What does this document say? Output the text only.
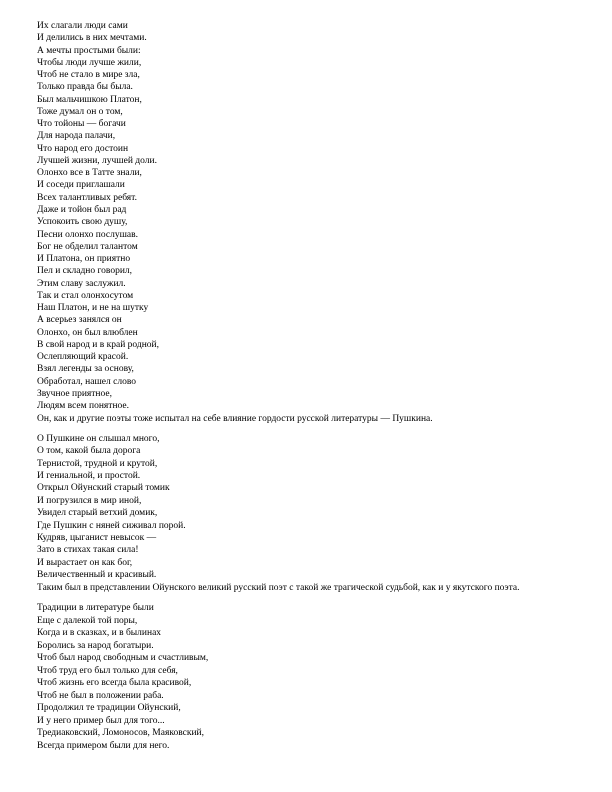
Их слагали люди сами
И делились в них мечтами.
А мечты простыми были:
Чтобы люди лучше жили,
Чтоб не стало в мире зла,
Только правда бы была.
Был мальчишкою Платон,
Тоже думал он о том,
Что тойоны — богачи
Для народа палачи,
Что народ его достоин
Лучшей жизни, лучшей доли.
Олонхо все в Татте знали,
И соседи приглашали
Всех талантливых ребят.
Даже и тойон был рад
Успокоить свою душу,
Песни олонхо послушав.
Бог не обделил талантом
И Платона, он приятно
Пел и складно говорил,
Этим славу заслужил.
Так и стал олонхосутом
Наш Платон, и не на шутку
А всерьез занялся он
Олонхо, он был влюблен
В свой народ и в край родной,
Ослепляющий красой.
Взял легенды за основу,
Обработал, нашел слово
Звучное приятное,
Людям всем понятное.
Он, как и другие поэты тоже испытал на себе влияние гордости русской литературы — Пушкина.
О Пушкине он слышал много,
О том, какой была дорога
Тернистой, трудной и крутой,
И гениальной, и простой.
Открыл Ойунский старый томик
И погрузился в мир иной,
Увидел старый ветхий домик,
Где Пушкин с няней сиживал порой.
Кудряв, цыганист невысок —
Зато в стихах такая сила!
И вырастает он как бог,
Величественный и красивый.
Таким был в представлении Ойунского великий русский поэт с такой же трагической судьбой, как и у якутского поэта.
Традиции в литературе были
Еще с далекой той поры,
Когда и в сказках, и в былинах
Боролись за народ богатыри.
Чтоб был народ свободным и счастливым,
Чтоб труд его был только для себя,
Чтоб жизнь его всегда была красивой,
Чтоб не был в положении раба.
Продолжил те традиции Ойунский,
И у него пример был для того...
Тредиаковский, Ломоносов, Маяковский,
Всегда примером были для него.
